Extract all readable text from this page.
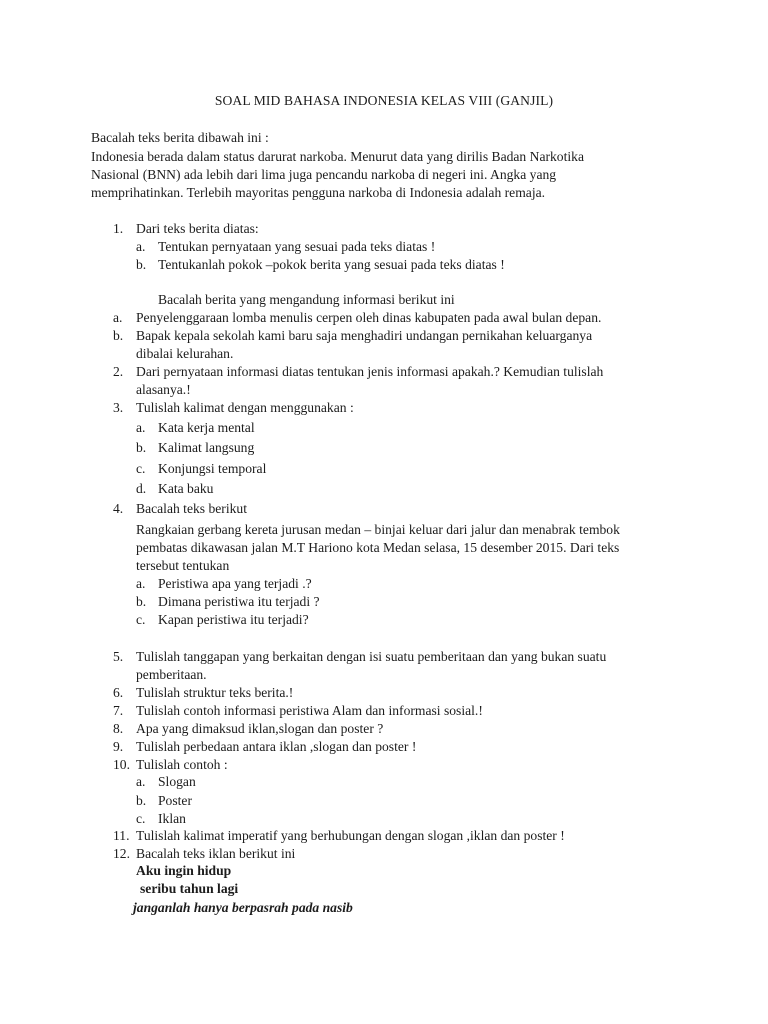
SOAL MID BAHASA INDONESIA KELAS VIII (GANJIL)
Bacalah teks berita dibawah ini :
Indonesia berada dalam status darurat narkoba. Menurut data yang dirilis Badan Narkotika
Nasional (BNN) ada lebih dari lima juga pencandu narkoba di negeri ini. Angka yang
memprihatinkan. Terlebih mayoritas pengguna narkoba di Indonesia adalah remaja.
1. Dari teks berita diatas:
a. Tentukan pernyataan yang sesuai pada teks diatas !
b. Tentukanlah pokok –pokok berita yang sesuai pada teks diatas !
Bacalah berita yang mengandung informasi berikut ini
a. Penyelenggaraan lomba menulis cerpen oleh dinas kabupaten pada awal bulan depan.
b. Bapak kepala sekolah kami baru saja menghadiri undangan pernikahan keluarganya
dibalai kelurahan.
2. Dari pernyataan informasi diatas tentukan jenis informasi apakah.? Kemudian tulislah
alasanya.!
3. Tulislah kalimat dengan menggunakan :
a. Kata kerja mental
b. Kalimat langsung
c. Konjungsi temporal
d. Kata baku
4. Bacalah teks berikut
Rangkaian gerbang kereta jurusan medan – binjai keluar dari jalur dan menabrak tembok
pembatas dikawasan jalan M.T Hariono kota Medan selasa, 15 desember 2015. Dari teks
tersebut tentukan
a. Peristiwa apa yang terjadi .?
b. Dimana peristiwa itu terjadi ?
c. Kapan peristiwa itu terjadi?
5. Tulislah tanggapan yang berkaitan dengan isi suatu pemberitaan dan yang bukan suatu
pemberitaan.
6. Tulislah struktur teks berita.!
7. Tulislah contoh informasi peristiwa Alam dan informasi sosial.!
8. Apa yang dimaksud iklan,slogan dan poster ?
9. Tulislah perbedaan antara iklan ,slogan dan poster !
10. Tulislah contoh :
a. Slogan
b. Poster
c. Iklan
11. Tulislah kalimat imperatif yang berhubungan dengan slogan ,iklan dan poster !
12. Bacalah teks iklan berikut ini
Aku ingin hidup
seribu tahun lagi
janganlah hanya berpasrah pada nasib
